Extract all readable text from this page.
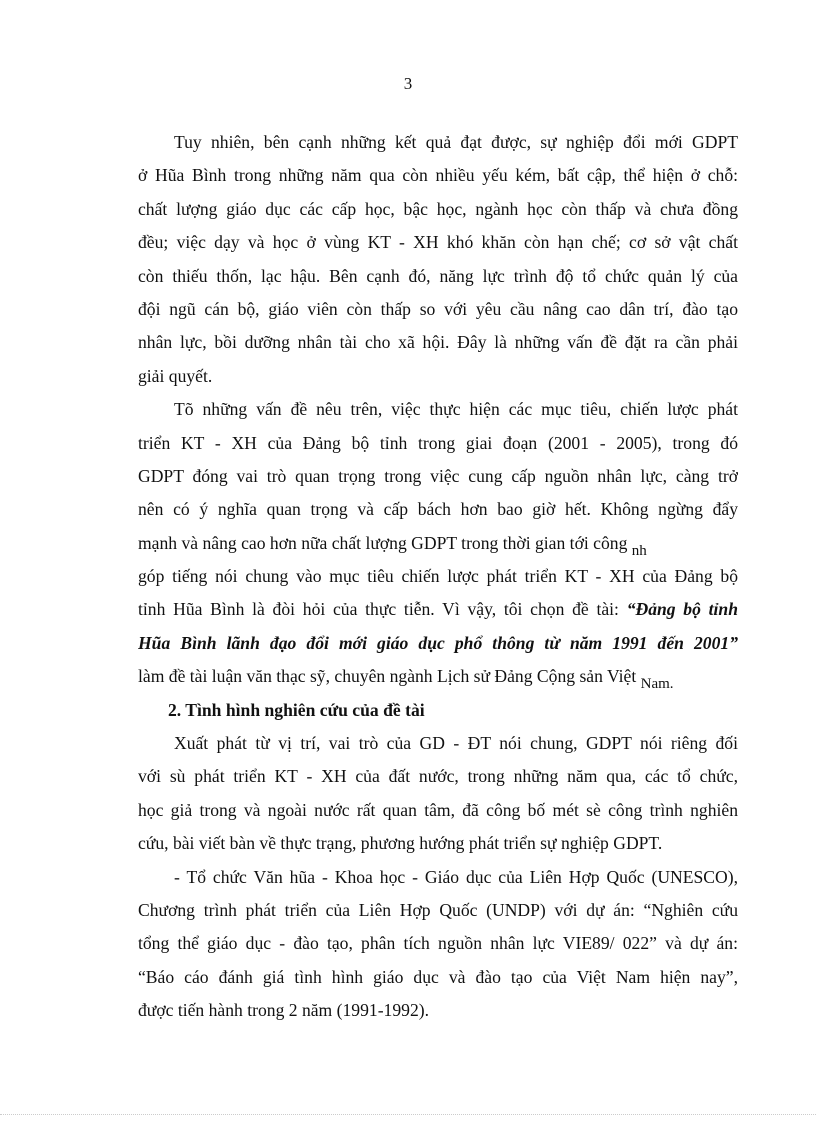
3
Tuy nhiên, bên cạnh những kết quả đạt được, sự nghiệp đổi mới GDPT
ở Hũa Bình trong những năm qua còn nhiều yếu kém, bất cập, thể hiện ở chỗ:
chất lượng giáo dục các cấp học, bậc học, ngành học còn thấp và chưa đồng
đều; việc dạy và học ở vùng KT - XH khó khăn còn hạn chế; cơ sở vật chất
còn thiếu thốn, lạc hậu. Bên cạnh đó, năng lực trình độ tổ chức quản lý của
đội ngũ cán bộ, giáo viên còn thấp so với yêu cầu nâng cao dân trí, đào tạo
nhân lực, bồi dưỡng nhân tài cho xã hội. Đây là những vấn đề đặt ra cần phải
giải quyết.
Tõ những vấn đề nêu trên, việc thực hiện các mục tiêu, chiến lược phát
triển KT - XH của Đảng bộ tỉnh trong giai đoạn (2001 - 2005), trong đó
GDPT đóng vai trò quan trọng trong việc cung cấp nguồn nhân lực, càng trở
nên có ý nghĩa quan trọng và cấp bách hơn bao giờ hết. Không ngừng đẩy
mạnh và nâng cao hơn nữa chất lượng GDPT trong thời gian tới công nh
góp tiếng nói chung vào mục tiêu chiến lược phát triển KT - XH của Đảng bộ
tỉnh Hũa Bình là đòi hỏi của thực tiễn. Vì vậy, tôi chọn đề tài: “Đảng bộ tỉnh
Hũa Bình lãnh đạo đổi mới giáo dục phổ thông từ năm 1991 đến 2001”
làm đề tài luận văn thạc sỹ, chuyên ngành Lịch sử Đảng Cộng sản Việt Nam.
2. Tình hình nghiên cứu của đề tài
Xuất phát từ vị trí, vai trò của GD - ĐT nói chung, GDPT nói riêng đối
với sù phát triển KT - XH của đất nước, trong những năm qua, các tổ chức,
học giả trong và ngoài nước rất quan tâm, đã công bố mét sè công trình nghiên
cứu, bài viết bàn về thực trạng, phương hướng phát triển sự nghiệp GDPT.
- Tổ chức Văn hũa - Khoa học - Giáo dục của Liên Hợp Quốc (UNESCO),
Chương trình phát triển của Liên Hợp Quốc (UNDP) với dự án: “Nghiên cứu
tổng thể giáo dục - đào tạo, phân tích nguồn nhân lực VIE89/ 022” và dự án:
“Báo cáo đánh giá tình hình giáo dục và đào tạo của Việt Nam hiện nay”,
được tiến hành trong 2 năm (1991-1992).
